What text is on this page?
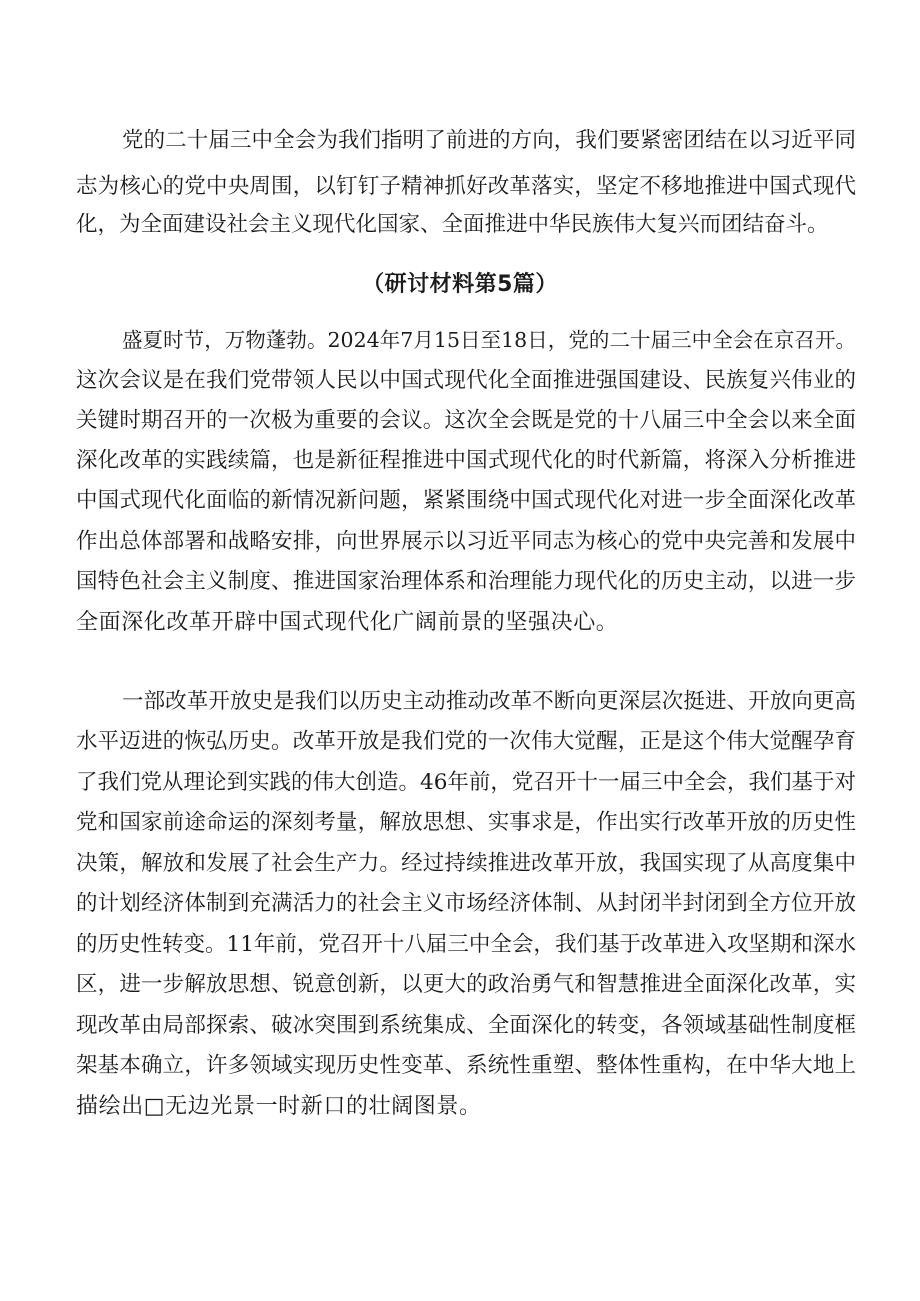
党的二十届三中全会为我们指明了前进的方向，我们要紧密团结在以习近平同
志为核心的党中央周围，以钉钉子精神抓好改革落实，坚定不移地推进中国式现代
化，为全面建设社会主义现代化国家、全面推进中华民族伟大复兴而团结奋斗。
（研讨材料第5篇）
盛夏时节，万物蓬勃。2024年7月15日至18日，党的二十届三中全会在京召开。
这次会议是在我们党带领人民以中国式现代化全面推进强国建设、民族复兴伟业的
关键时期召开的一次极为重要的会议。这次全会既是党的十八届三中全会以来全面
深化改革的实践续篇，也是新征程推进中国式现代化的时代新篇，将深入分析推进
中国式现代化面临的新情况新问题，紧紧围绕中国式现代化对进一步全面深化改革
作出总体部署和战略安排，向世界展示以习近平同志为核心的党中央完善和发展中
国特色社会主义制度、推进国家治理体系和治理能力现代化的历史主动，以进一步
全面深化改革开辟中国式现代化广阔前景的坚强决心。
一部改革开放史是我们以历史主动推动改革不断向更深层次挺进、开放向更高
水平迈进的恢弘历史。改革开放是我们党的一次伟大觉醒，正是这个伟大觉醒孕育
了我们党从理论到实践的伟大创造。46年前，党召开十一届三中全会，我们基于对
党和国家前途命运的深刻考量，解放思想、实事求是，作出实行改革开放的历史性
决策，解放和发展了社会生产力。经过持续推进改革开放，我国实现了从高度集中
的计划经济体制到充满活力的社会主义市场经济体制、从封闭半封闭到全方位开放
的历史性转变。11年前，党召开十八届三中全会，我们基于改革进入攻坚期和深水
区，进一步解放思想、锐意创新，以更大的政治勇气和智慧推进全面深化改革，实
现改革由局部探索、破冰突围到系统集成、全面深化的转变，各领域基础性制度框
架基本确立，许多领域实现历史性变革、系统性重塑、整体性重构，在中华大地上
描绘出□无边光景一时新口的壮阔图景。
